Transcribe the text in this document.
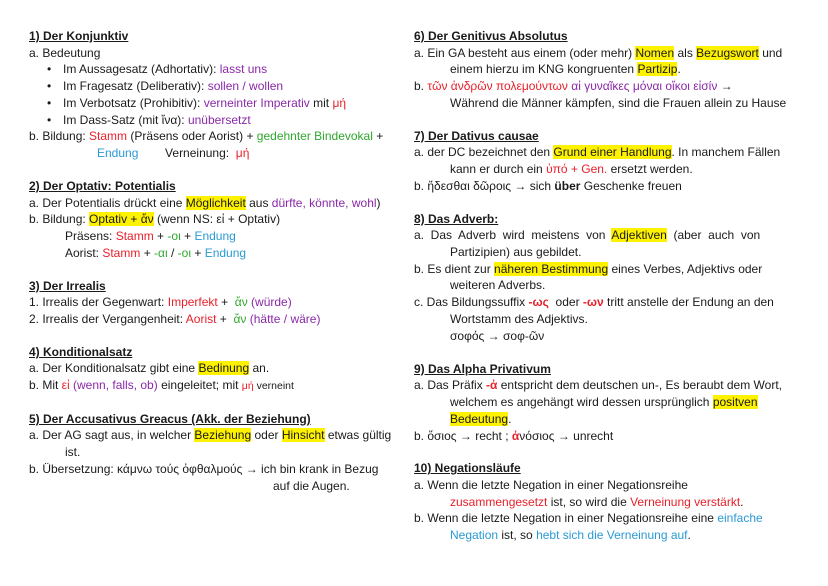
1) Der Konjunktiv
a. Bedeutung
• Im Aussagesatz (Adhortativ): lasst uns
• Im Fragesatz (Deliberativ): sollen / wollen
• Im Verbotsatz (Prohibitiv): verneinter Imperativ mit μή
• Im Dass-Satz (mit ἵνα): unübersetzt
b. Bildung: Stamm (Präsens oder Aorist) + gedehnter Bindevokal +
Endung        Verneinung:  μή
2) Der Optativ: Potentialis
a. Der Potentialis drückt eine Möglichkeit aus dürfte, könnte, wohl)
b. Bildung: Optativ + ἄν (wenn NS: εἰ + Optativ)
Präsens: Stamm + -οι + Endung
Aorist: Stamm + -αι / -οι + Endung
3) Der Irrealis
1. Irrealis der Gegenwart: Imperfekt +  ἄν (würde)
2. Irrealis der Vergangenheit: Aorist +  ἄν (hätte / wäre)
4) Konditionalsatz
a. Der Konditionalsatz gibt eine Bedinung an.
b. Mit εἰ (wenn, falls, ob) eingeleitet; mit μή verneint
5) Der Accusativus Greacus (Akk. der Beziehung)
a. Der AG sagt aus, in welcher Beziehung oder Hinsicht etwas gültig
ist.
b. Übersetzung: κάμνω τούς ὀφθαλμούς → ich bin krank in Bezug
auf die Augen.
6) Der Genitivus Absolutus
a. Ein GA besteht aus einem (oder mehr) Nomen als Bezugswort und
einem hierzu im KNG kongruenten Partizip.
b. τῶν ἀνδρῶν πολεμούντων αἱ γυναῖκες μόναι οἴκοι εἰσίν →
Während die Männer kämpfen, sind die Frauen allein zu Hause
7) Der Dativus causae
a. der DC bezeichnet den Grund einer Handlung. In manchem Fällen
kann er durch ein ὑπό + Gen. ersetzt werden.
b. ἥδεσθαι δῶροις → sich über Geschenke freuen
8) Das Adverb:
a.  Das  Adverb  wird  meistens  von  Adjektiven  (aber  auch  von
Partizipien) aus gebildet.
b. Es dient zur näheren Bestimmung eines Verbes, Adjektivs oder
weiteren Adverbs.
c. Das Bildungssuffix -ως  oder -ων tritt anstelle der Endung an den
Wortstamm des Adjektivs.
σοφός → σοφ-ῶν
9) Das Alpha Privativum
a. Das Präfix -ἀ entspricht dem deutschen un-, Es beraubt dem Wort,
welchem es angehängt wird dessen ursprünglich positven
Bedeutung.
b. ὅσιος → recht ; ἀνόσιος → unrecht
10) Negationsläufe
a. Wenn die letzte Negation in einer Negationsreihe
zusammengesetzt ist, so wird die Verneinung verstärkt.
b. Wenn die letzte Negation in einer Negationsreihe eine einfache
Negation ist, so hebt sich die Verneinung auf.
